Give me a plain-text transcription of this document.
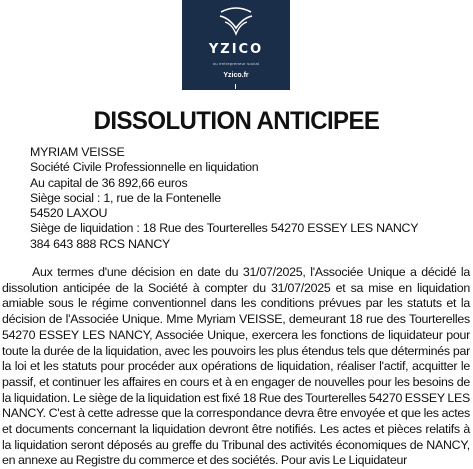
YZICO
ou entrepreneur social
Yzico.fr
DISSOLUTION ANTICIPEE
MYRIAM VEISSE
Société Civile Professionnelle en liquidation
Au capital de 36 892,66 euros
Siège social : 1, rue de la Fontenelle
54520 LAXOU
Siège de liquidation : 18 Rue des Tourterelles 54270 ESSEY LES NANCY
384 643 888 RCS NANCY

Aux termes d'une décision en date du 31/07/2025, l'Associée Unique a décidé la dissolution anticipée de la Société à compter du 31/07/2025 et sa mise en liquidation amiable sous le régime conventionnel dans les conditions prévues par les statuts et la décision de l'Associée Unique. Mme Myriam VEISSE, demeurant 18 rue des Tourterelles 54270 ESSEY LES NANCY, Associée Unique, exercera les fonctions de liquidateur pour toute la durée de la liquidation, avec les pouvoirs les plus étendus tels que déterminés par la loi et les statuts pour procéder aux opérations de liquidation, réaliser l'actif, acquitter le passif, et continuer les affaires en cours et à en engager de nouvelles pour les besoins de la liquidation. Le siège de la liquidation est fixé 18 Rue des Tourterelles 54270 ESSEY LES NANCY. C'est à cette adresse que la correspondance devra être envoyée et que les actes et documents concernant la liquidation devront être notifiés. Les actes et pièces relatifs à la liquidation seront déposés au greffe du Tribunal des activités économiques de NANCY, en annexe au Registre du commerce et des sociétés. Pour avis Le Liquidateur
